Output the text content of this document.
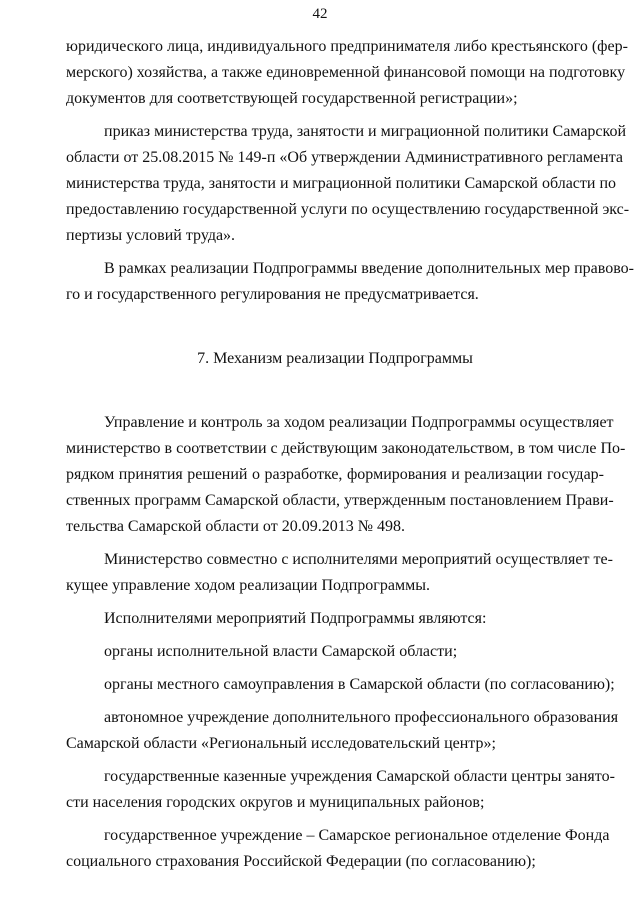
42
юридического лица, индивидуального предпринимателя либо крестьянского (фер-
мерского) хозяйства, а также единовременной финансовой помощи на подготовку
документов для соответствующей государственной регистрации»;
приказ министерства труда, занятости и миграционной политики Самарской
области от 25.08.2015 № 149-п «Об утверждении Административного регламента
министерства труда, занятости и миграционной политики Самарской области по
предоставлению государственной услуги по осуществлению государственной экс-
пертизы условий труда».
В рамках реализации Подпрограммы введение дополнительных мер правово-
го и государственного регулирования не предусматривается.
7. Механизм реализации Подпрограммы
Управление и контроль за ходом реализации Подпрограммы осуществляет
министерство в соответствии с действующим законодательством, в том числе По-
рядком принятия решений о разработке, формирования и реализации государ-
ственных программ Самарской области, утвержденным постановлением Прави-
тельства Самарской области от 20.09.2013 № 498.
Министерство совместно с исполнителями мероприятий осуществляет те-
кущее управление ходом реализации Подпрограммы.
Исполнителями мероприятий Подпрограммы являются:
органы исполнительной власти Самарской области;
органы местного самоуправления в Самарской области (по согласованию);
автономное учреждение дополнительного профессионального образования
Самарской области «Региональный исследовательский центр»;
государственные казенные учреждения Самарской области центры занято-
сти населения городских округов и муниципальных районов;
государственное учреждение – Самарское региональное отделение Фонда
социального страхования Российской Федерации (по согласованию);
